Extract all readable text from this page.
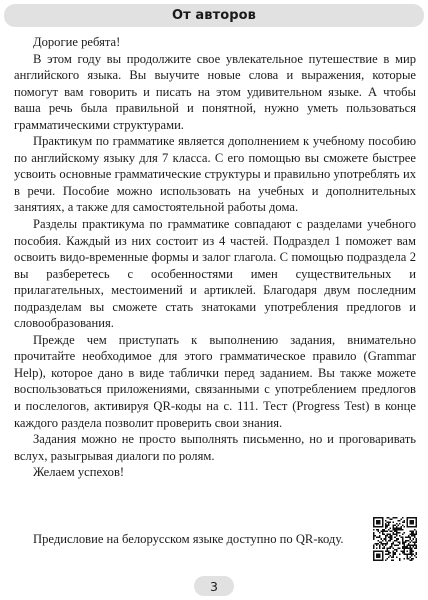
От авторов

Дорогие ребята!

В этом году вы продолжите свое увлекательное путешествие в мир английского языка. Вы выучите новые слова и выражения, которые помогут вам говорить и писать на этом удивительном языке. А чтобы ваша речь была правильной и понятной, нужно уметь пользоваться грамматическими структурами.

Практикум по грамматике является дополнением к учебному пособию по английскому языку для 7 класса. С его помощью вы сможете быстрее усвоить основные грамматические структуры и правильно употреблять их в речи. Пособие можно использовать на учебных и дополнительных занятиях, а также для самостоятельной работы дома.

Разделы практикума по грамматике совпадают с разделами учебного пособия. Каждый из них состоит из 4 частей. Подраздел 1 поможет вам освоить видо-временные формы и залог глагола. С помощью подраздела 2 вы разберетесь с особенностями имен существительных и прилагательных, местоимений и артиклей. Благодаря двум последним подразделам вы сможете стать знатоками употребления предлогов и словообразования.

Прежде чем приступать к выполнению задания, внимательно прочитайте необходимое для этого грамматическое правило (Grammar Help), которое дано в виде таблички перед заданием. Вы также можете воспользоваться приложениями, связанными с употреблением предлогов и послелогов, активируя QR-коды на с. 111. Тест (Progress Test) в конце каждого раздела позволит проверить свои знания.

Задания можно не просто выполнять письменно, но и проговаривать вслух, разыгрывая диалоги по ролям.

Желаем успехов!

Предисловие на белорусском языке доступно по QR-коду.

3
